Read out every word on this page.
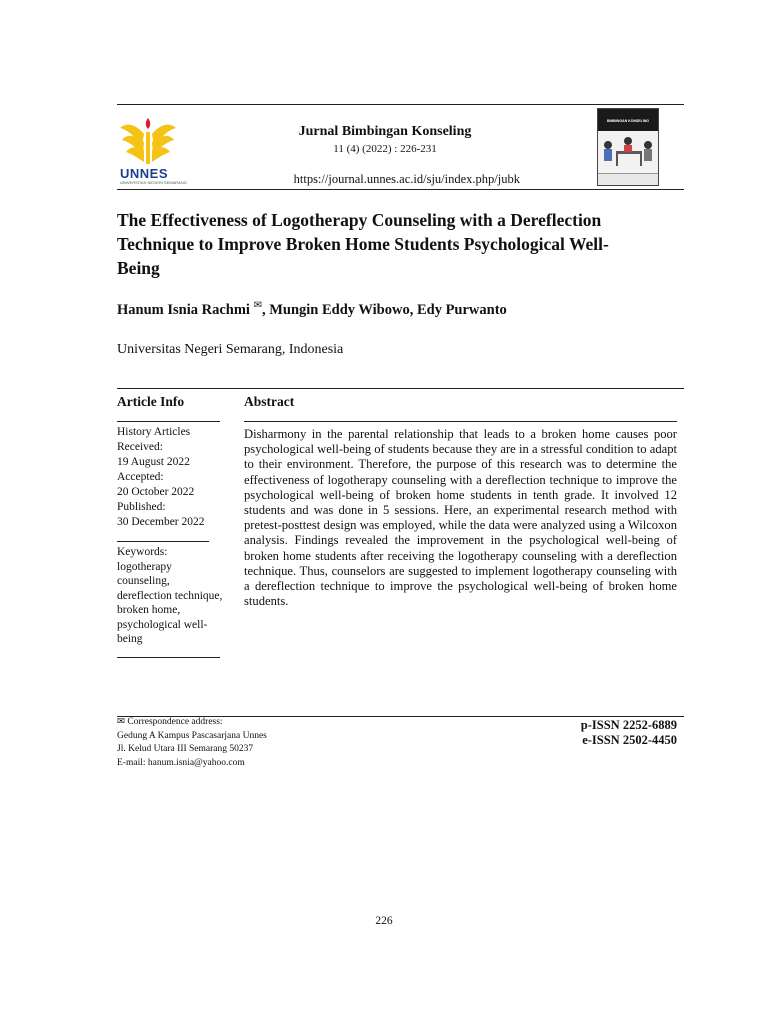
UNNES
UNIVERSITAS NEGERI SEMARANG
Jurnal Bimbingan Konseling
11 (4) (2022) : 226-231
https://journal.unnes.ac.id/sju/index.php/jubk
BIMBINGAN KONSELING
The Effectiveness of Logotherapy Counseling with a Dereflection
Technique to Improve Broken Home Students Psychological Well-
Being
Hanum Isnia Rachmi ✉, Mungin Eddy Wibowo, Edy Purwanto
Universitas Negeri Semarang, Indonesia
Article Info
History Articles
Received:
19 August 2022
Accepted:
20 October 2022
Published:
30 December 2022
Keywords:
logotherapy
counseling,
dereflection technique,
broken home,
psychological well-
being
Abstract
Disharmony in the parental relationship that leads to a broken home causes poor psychological well-being of students because they are in a stressful condition to adapt to their environment. Therefore, the purpose of this research was to determine the effectiveness of logotherapy counseling with a dereflection technique to improve the psychological well-being of broken home students in tenth grade. It involved 12 students and was done in 5 sessions. Here, an experimental research method with pretest-posttest design was employed, while the data were analyzed using a Wilcoxon analysis. Findings revealed the improvement in the psychological well-being of broken home students after receiving the logotherapy counseling with a dereflection technique. Thus, counselors are suggested to implement logotherapy counseling with a dereflection technique to improve the psychological well-being of broken home students.
✉ Correspondence address:
Gedung A Kampus Pascasarjana Unnes
Jl. Kelud Utara III Semarang 50237
E-mail: hanum.isnia@yahoo.com
p-ISSN 2252-6889
e-ISSN 2502-4450
226
